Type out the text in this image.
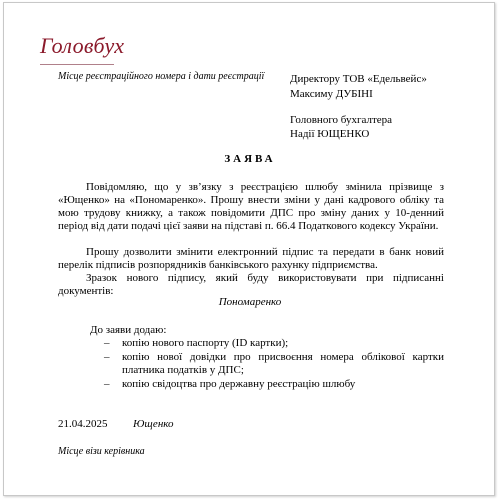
Головбух
Місце реєстраційного номера і дати реєстрації Директору ТОВ «Едельвейс»
Максиму ДУБІНІ
Головного бухгалтера
Надії ЮЩЕНКО
ЗАЯВА
Повідомляю, що у зв’язку з реєстрацією шлюбу змінила прізвище з «Ющенко» на «Пономаренко». Прошу внести зміни у дані кадрового обліку та мою трудову книжку, а також повідомити ДПС про зміну даних у 10-денний період від дати подачі цієї заяви на підставі п. 66.4 Податкового кодексу України.
Прошу дозволити змінити електронний підпис та передати в банк новий перелік підписів розпорядників банківського рахунку підприємства.
Зразок нового підпису, який буду використовувати при підписанні документів:
Пономаренко
До заяви додаю:
– копію нового паспорту (ID картки);
– копію нової довідки про присвоєння номера облікової картки платника податків у ДПС;
– копію свідоцтва про державну реєстрацію шлюбу
21.04.2025 Ющенко
Місце візи керівника
